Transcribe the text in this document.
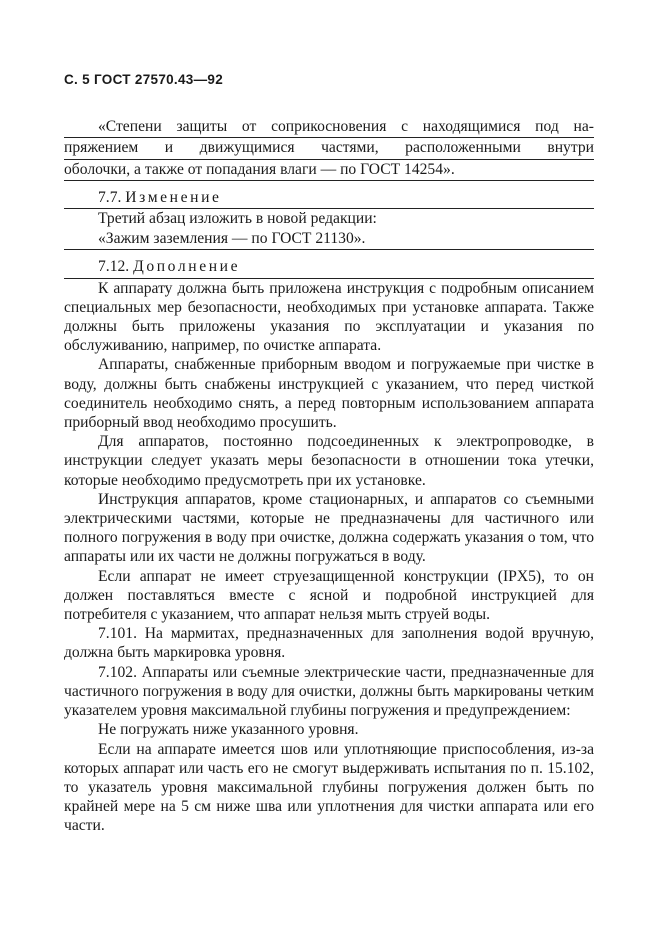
С. 5 ГОСТ 27570.43—92

«Степени защиты от соприкосновения с находящимися под на-

пряжением и движущимися частями, расположенными внутри

оболочки, а также от попадания влаги — по ГОСТ 14254».

7.7. Изменение

Третий абзац изложить в новой редакции:

«Зажим заземления — по ГОСТ 21130».

7.12. Дополнение

К аппарату должна быть приложена инструкция с подробным описанием специальных мер безопасности, необходимых при установке аппарата. Также должны быть приложены указания по эксплуатации и указания по обслуживанию, например, по очистке аппарата.

Аппараты, снабженные приборным вводом и погружаемые при чистке в воду, должны быть снабжены инструкцией с указанием, что перед чисткой соединитель необходимо снять, а перед повторным использованием аппарата приборный ввод необходимо просушить.

Для аппаратов, постоянно подсоединенных к электропроводке, в инструкции следует указать меры безопасности в отношении тока утечки, которые необходимо предусмотреть при их установке.

Инструкция аппаратов, кроме стационарных, и аппаратов со съемными электрическими частями, которые не предназначены для частичного или полного погружения в воду при очистке, должна содержать указания о том, что аппараты или их части не должны погружаться в воду.

Если аппарат не имеет струезащищенной конструкции (IPX5), то он должен поставляться вместе с ясной и подробной инструкцией для потребителя с указанием, что аппарат нельзя мыть струей воды.

7.101. На мармитах, предназначенных для заполнения водой вручную, должна быть маркировка уровня.

7.102. Аппараты или съемные электрические части, предназначенные для частичного погружения в воду для очистки, должны быть маркированы четким указателем уровня максимальной глубины погружения и предупреждением:

Не погружать ниже указанного уровня.

Если на аппарате имеется шов или уплотняющие приспособления, из-за которых аппарат или часть его не смогут выдерживать испытания по п. 15.102, то указатель уровня максимальной глубины погружения должен быть по крайней мере на 5 см ниже шва или уплотнения для чистки аппарата или его части.
